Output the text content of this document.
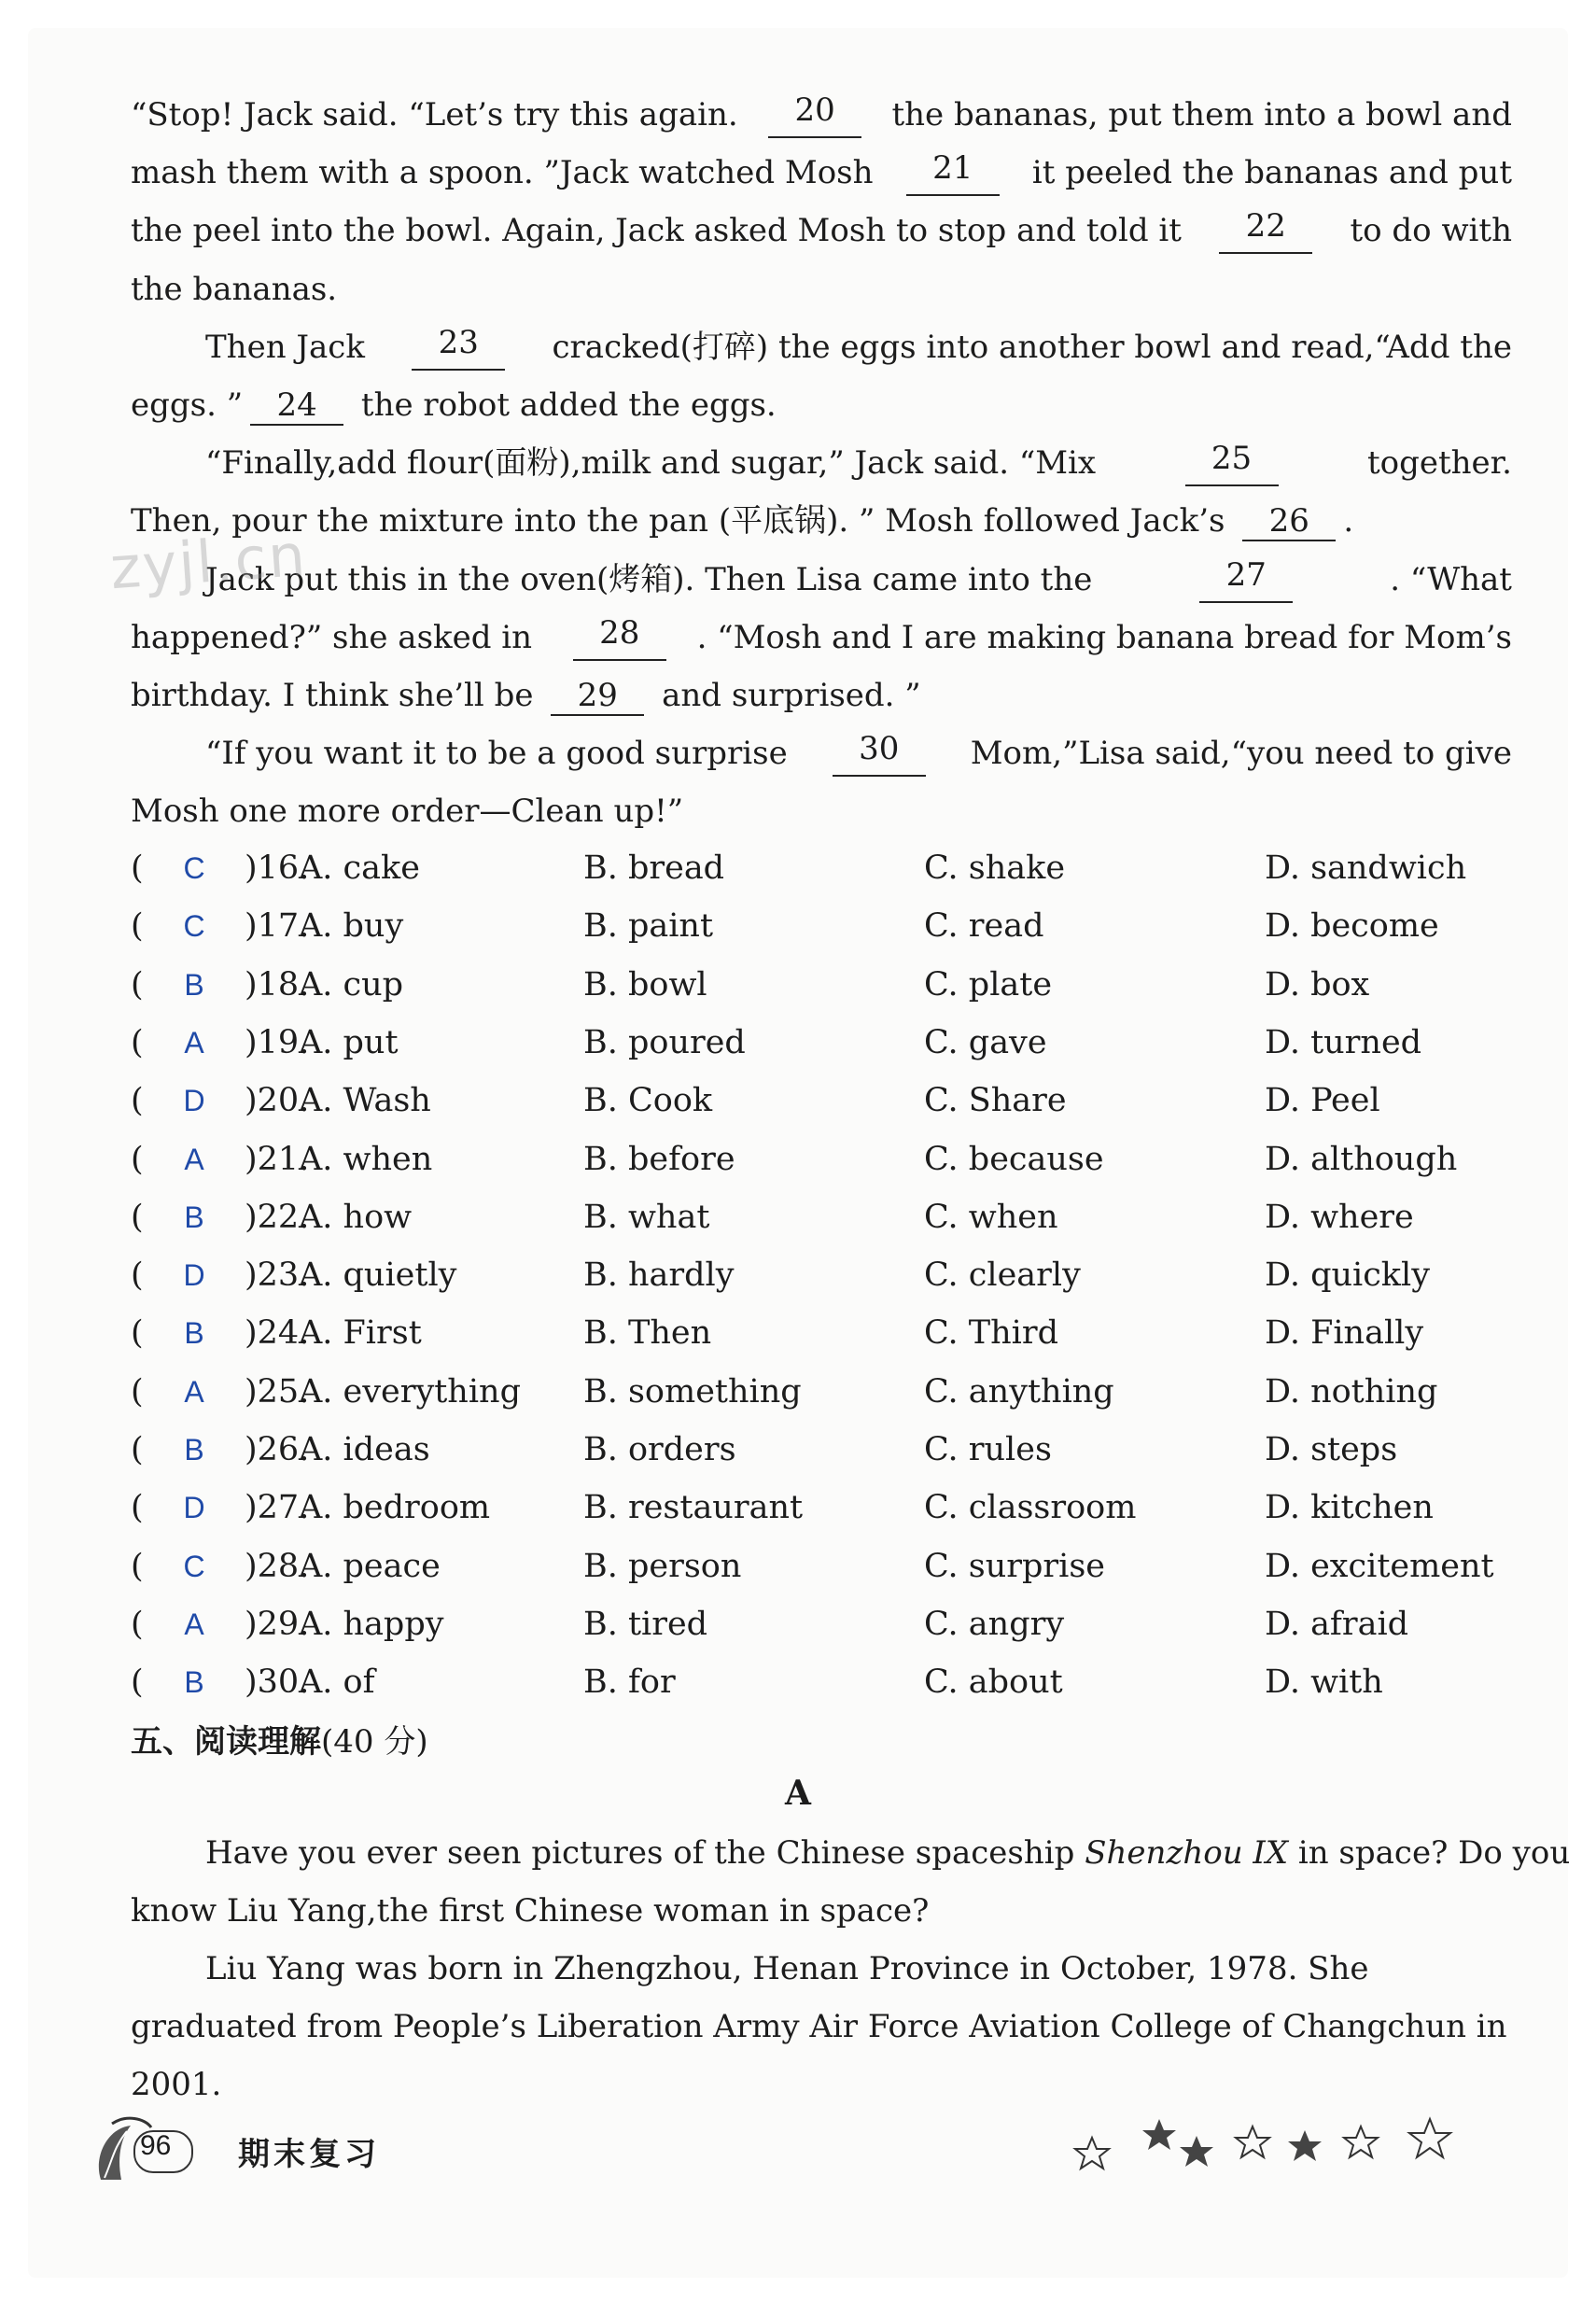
“Stop! Jack said. “Let’s try this again.	20	the bananas, put them into a bowl and
mash them with a spoon. ”Jack watched Mosh	21	it peeled the bananas and put
the peel into the bowl. Again, Jack asked Mosh to stop and told it	22	to do with
the bananas.
Then Jack	23	cracked(打碎) the eggs into another bowl and read,“Add the
eggs. ” 24 the robot added the eggs.
“Finally,add flour(面粉),milk and sugar,” Jack said. “Mix	25	together.
Then, pour the mixture into the pan (平底锅). ” Mosh followed Jack’s 26 .
Jack put this in the oven(烤箱). Then Lisa came into the	27	. “What
happened?” she asked in	28	. “Mosh and I are making banana bread for Mom’s
birthday. I think she’ll be 29 and surprised. ”
“If you want it to be a good surprise	30	Mom,”Lisa said,“you need to give
Mosh one more order—Clean up!”
zyjl.cn
( C )16.
A. cake	B. bread	C. shake	D. sandwich
( C )17.
A. buy	B. paint	C. read	D. become
( B )18.
A. cup	B. bowl	C. plate	D. box
( A )19.
A. put	B. poured	C. gave	D. turned
( D )20.
A. Wash	B. Cook	C. Share	D. Peel
( A )21.
A. when	B. before	C. because	D. although
( B )22.
A. how	B. what	C. when	D. where
( D )23.
A. quietly	B. hardly	C. clearly	D. quickly
( B )24.
A. First	B. Then	C. Third	D. Finally
( A )25.
A. everything B. something	C. anything	D. nothing
( B )26.
A. ideas	B. orders	C. rules	D. steps
( D )27.
A. bedroom	B. restaurant	C. classroom	D. kitchen
( C )28.
A. peace	B. person	C. surprise	D. excitement
( A )29.
A. happy	B. tired	C. angry	D. afraid
( B )30.
A. of	B. for	C. about	D. with
五、阅读理解(40 分)
A
Have you ever seen pictures of the Chinese spaceship Shenzhou IX in space? Do you
know Liu Yang,the first Chinese woman in space?
Liu Yang was born in Zhengzhou, Henan Province in October, 1978. She
graduated from People’s Liberation Army Air Force Aviation College of Changchun in
2001.
96 期末复习
